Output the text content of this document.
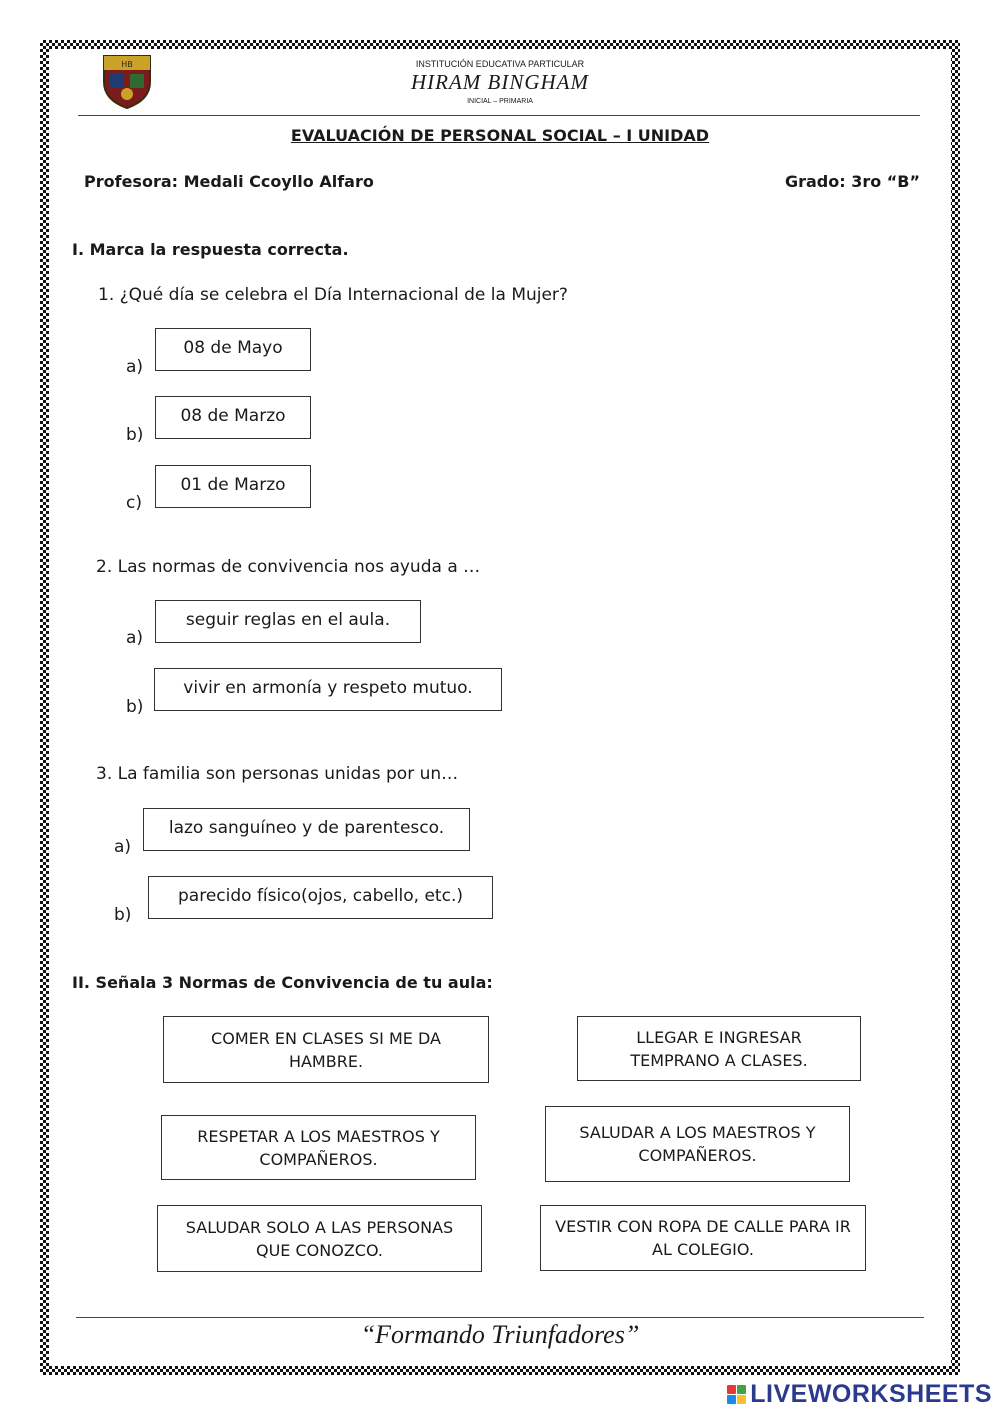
HB	INSTITUCIÓN EDUCATIVA PARTICULAR
HIRAM BINGHAM
INICIAL – PRIMARIA
EVALUACIÓN DE PERSONAL SOCIAL – I UNIDAD
Profesora: Medali Ccoyllo Alfaro	Grado: 3ro “B”
I. Marca la respuesta correcta.
1. ¿Qué día se celebra el Día Internacional de la Mujer?
a)
08 de Mayo
b)
08 de Marzo
c)
01 de Marzo
2. Las normas de convivencia nos ayuda a …
a)
seguir reglas en el aula.
b)
vivir en armonía y respeto mutuo.
3. La familia son personas unidas por un…
a)
lazo sanguíneo y de parentesco.
b)
parecido físico(ojos, cabello, etc.)
II. Señala 3 Normas de Convivencia de tu aula:
COMER EN CLASES SI ME DA HAMBRE.
LLEGAR E INGRESAR TEMPRANO A CLASES.
RESPETAR A LOS MAESTROS Y COMPAÑEROS.
SALUDAR A LOS MAESTROS Y COMPAÑEROS.
SALUDAR SOLO A LAS PERSONAS QUE CONOZCO.
VESTIR CON ROPA DE CALLE PARA IR AL COLEGIO.
“Formando Triunfadores”
LIVEWORKSHEETS
